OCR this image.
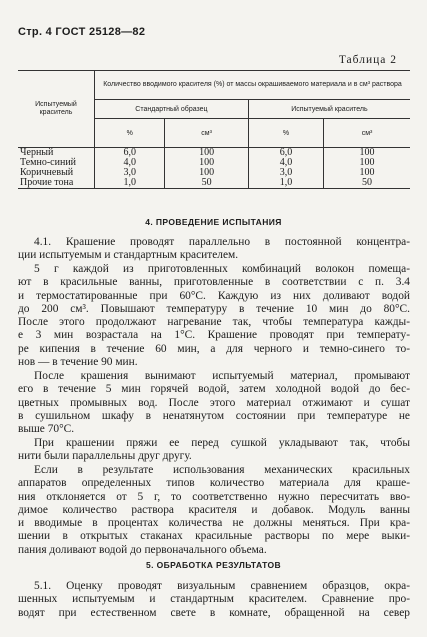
Стр. 4 ГОСТ 25128—82
Таблица 2
Испытуемый краситель	Количество вводимого красителя (%) от массы окрашиваемого материала и в см³ раствора			
	Стандартный образец		Испытуемый краситель	
	%	см³	%	см³
Черный	6,0	100	6,0	100
Темно-синий	4,0	100	4,0	100
Коричневый	3,0	100	3,0	100
Прочие тона	1,0	50	1,0	50
4. ПРОВЕДЕНИЕ ИСПЫТАНИЯ
4.1. Крашение проводят параллельно в постоянной концентра-
ции испытуемым и стандартным красителем.
5 г каждой из приготовленных комбинаций волокон помеща-
ют в красильные ванны, приготовленные в соответствии с п. 3.4
и термостатированные при 60°С. Каждую из них доливают водой
до 200 см³. Повышают температуру в течение 10 мин до 80°С.
После этого продолжают нагревание так, чтобы температура кажды-
е 3 мин возрастала на 1°С. Крашение проводят при температу-
ре кипения в течение 60 мин, а для черного и темно-синего то-
нов — в течение 90 мин.
После крашения вынимают испытуемый материал, промывают
его в течение 5 мин горячей водой, затем холодной водой до бес-
цветных промывных вод. После этого материал отжимают и сушат
в сушильном шкафу в ненатянутом состоянии при температуре не
выше 70°С.
При крашении пряжи ее перед сушкой укладывают так, чтобы
нити были параллельны друг другу.
Если в результате использования механических красильных
аппаратов определенных типов количество материала для краше-
ния отклоняется от 5 г, то соответственно нужно пересчитать вво-
димое количество раствора красителя и добавок. Модуль ванны
и вводимые в процентах количества не должны меняться. При кра-
шении в открытых стаканах красильные растворы по мере выки-
пания доливают водой до первоначального объема.
5. ОБРАБОТКА РЕЗУЛЬТАТОВ
5.1. Оценку проводят визуальным сравнением образцов, окра-
шенных испытуемым и стандартным красителем. Сравнение про-
водят при естественном свете в комнате, обращенной на север
